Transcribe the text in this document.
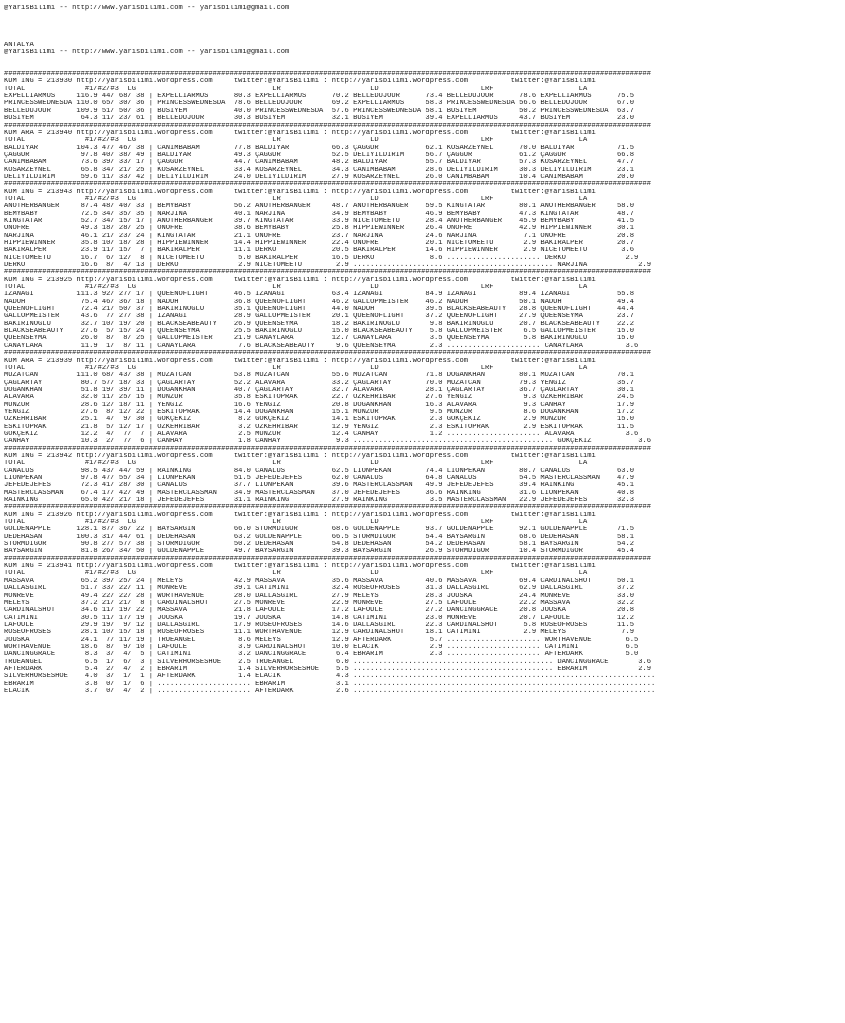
@YarisBilimi -- http://www.yarisbilimi.com -- yarisbilimi@gmail.com
ANTALYA
@YarisBilimi -- http://www.yarisbilimi.com -- yarisbilimi@gmail.com
########################################################################################################################################################
KUM ING = 213930 http://yarisbilimi.wordpress.com     twitter:@YarisBilimi : http://yarisbilimi.wordpress.com          twitter:@YarisBilimi
TOTAL              #1/#2/#3  LG                                LR                     LD                        LRF                    LA
EXPELLIARMUS     116.9 44/ 68/ 38 | EXPELLIARMUS      80.3 EXPELLIARMUS      70.2 BELLEDUJOUR      73.4 BELLEDUJOUR      78.6 EXPELLIARMUS      75.5
PRINCESSWEDNESDA 110.0 65/ 30/ 36 | PRINCESSWEDNESDA  78.6 BELLEDUJOUR       69.2 EXPELLIARMUS     58.3 PRINCESSWEDNESDA 56.6 BELLEDUJOUR       67.0
BELLEDUJOUR      109.9 51/ 50/ 36 | BÜSIYEM           40.0 PRINCESSWEDNESDA  57.6 PRINCESSWEDNESDA 58.1 BÜSIYEM          50.2 PRINCESSWEDNESDA  63.7
BÜSIYEM           64.3 11/ 23/ 61 | BELLEDUJOUR       30.3 BÜSIYEM           32.1 BÜSIYEM          39.4 EXPELLIARMUS     43.7 BÜSIYEM           23.0
########################################################################################################################################################
KUM ARA = 213940 http://yarisbilimi.wordpress.com     twitter:@YarisBilimi : http://yarisbilimi.wordpress.com          twitter:@YarisBilimi
TOTAL              #1/#2/#3  LG                                LR                     LD                        LRF                    LA
BALDIYAR         104.3 47/ 46/ 38 | CANIMBABAM        77.8 BALDIYAR          66.3 ÇAGGÜR           62.1 KOSARZEYNEL      70.0 BALDIYAR          71.5
ÇAGGÜR            97.8 40/ 38/ 49 | BALDIYAR          49.3 ÇAGGÜR            52.5 DELIYILDIRIM     56.7 ÇAGGÜR           61.2 ÇAGGÜR            66.8
CANIMBABAM        73.6 39/ 33/ 17 | ÇAGGÜR            44.7 CANIMBABAM        48.2 BALDIYAR         55.7 BALDIYAR         57.3 KOSARZEYNEL       47.7
KOSARZEYNEL       65.8 34/ 21/ 25 | KOSARZEYNEL       33.4 KOSARZEYNEL       34.3 CANIMBABAM       28.6 DELIYILDIRIM     30.3 DELIYILDIRIM      23.1
DELIYILDIRIM      59.6 11/ 33/ 42 | DELIYILDIRIM      24.0 DELIYILDIRIM      27.9 KOSARZEYNEL      26.0 CANIMBABAM       10.4 CANIMBABAM        20.0
########################################################################################################################################################
KUM ING = 213943 http://yarisbilimi.wordpress.com     twitter:@YarisBilimi : http://yarisbilimi.wordpress.com          twitter:@YarisBilimi
TOTAL              #1/#2/#3  LG                                LR                     LD                        LRF                    LA
ANOTHERBANGER     87.4 48/ 40/ 33 | BEMYBABY          56.2 ANOTHERBANGER     48.7 ANOTHERBANGER    59.5 KINGTATAR        80.1 ANOTHERBANGER     58.0
BEMYBABY          72.5 34/ 35/ 35 | NARJINA           40.1 NARJINA           34.9 BEMYBABY         46.9 BEMYBABY         47.3 KINGTATAR         48.7
KINGTATAR         52.7 34/ 15/ 17 | ANOTHERBANGER     39.7 KINGTATAR         33.9 NICETOMEETU      28.4 ANOTHERBANGER    45.9 BEMYBABY          41.5
ONOFRE            49.3 18/ 28/ 25 | ONOFRE            38.6 BEMYBABY          25.8 HIPPIEWINNER     26.4 ONOFRE           42.9 HIPPIEWINNER      30.1
NARJINA           46.1 21/ 23/ 24 | KINGTATAR         21.1 ONOFRE            23.7 NARJINA          24.6 NARJINA           7.1 ONOFRE            20.8
HIPPIEWINNER      35.8 10/ 18/ 28 | HIPPIEWINNER      14.4 HIPPIEWINNER      22.4 ONOFRE           20.1 NICETOMEETU       2.9 BAKIRALPER        20.7
BAKIRALPER        23.9 11/ 15/  7 | BAKIRALPER        11.1 DERKO             20.5 BAKIRALPER       14.6 HIPPIEWINNER      2.9 NICETOMEETU        3.6
NICETOMEETU       16.7  6/ 12/  8 | NICETOMEETU        5.0 BAKIRALPER        16.5 DERKO             8.6 ...................... DERKO              2.9
DERKO             16.6  8/  4/ 13 | DERKO              2.9 NICETOMEETU        2.9 ............................................... NARJINA            2.9
########################################################################################################################################################
KUM ING = 213925 http://yarisbilimi.wordpress.com     twitter:@YarisBilimi : http://yarisbilimi.wordpress.com          twitter:@YarisBilimi
TOTAL              #1/#2/#3  LG                                LR                     LD                        LRF                    LA
IZANAGI          111.3 92/ 27/ 17 | QUEENOFLIGHT      46.5 IZANAGI           63.4 IZANAGI          84.9 IZANAGI          89.4 IZANAGI           55.8
NADUH             75.4 46/ 36/ 18 | NADUH             36.8 QUEENOFLIGHT      46.2 GALLOPMEISTER    46.2 NADUH            50.1 NADUH             49.4
QUEENOFLIGHT      72.4 21/ 50/ 37 | BAKIRINOGLU       35.1 QUEENOFLIGHT      44.0 NADUH            39.5 BLACKSEABEAUTY   28.8 QUEENOFLIGHT      44.4
GALLOPMEISTER     43.6  7/ 27/ 38 | IZANAGI           28.9 GALLOPMEISTER     20.1 QUEENOFLIGHT     37.2 QUEENOFLIGHT     27.9 QUEENSEYMA        23.7
BAKIRINOGLU       32.7 10/ 19/ 20 | BLACKSEABEAUTY    26.9 QUEENSEYMA        18.2 BAKIRINOGLU       9.8 BAKIRINOGLU      20.7 BLACKSEABEAUTY    22.2
BLACKSEABEAUTY    27.6  5/ 15/ 24 | QUEENSEYMA        25.5 BAKIRINOGLU       15.0 BLACKSEABEAUTY    5.8 GALLOPMEISTER     6.5 GALLOPMEISTER     15.0
QUEENSEYMA        26.0  8/  8/ 25 | GALLOPMEISTER     21.9 CANAYLARA         12.7 CANAYLARA         3.5 QUEENSEYMA        5.8 BAKIRINOGLU       15.0
CANAYLARA         11.9  1/  8/ 11 | CANAYLARA          7.6 BLACKSEABEAUTY     9.6 QUEENSEYMA        2.3 ...................... CANAYLARA          3.6
########################################################################################################################################################
KUM ARA = 213939 http://yarisbilimi.wordpress.com     twitter:@YarisBilimi : http://yarisbilimi.wordpress.com          twitter:@YarisBilimi
TOTAL              #1/#2/#3  LG                                LR                     LD                        LRF                    LA
MUZATCAN         111.0 68/ 43/ 38 | MUZATCAN          53.8 MUZATCAN          55.6 MUZATCAN         71.8 DOGANKHAN        80.1 MUZATCAN          70.1
ÇAGLARTAY         80.7 57/ 18/ 33 | ÇAGLARTAY         52.2 ALAVARA           33.2 ÇAGLARTAY        70.0 MUZATCAN         79.3 YENGIZ            35.7
DOGANKHAN         51.8 19/ 39/ 11 | DOGANKHAN         40.7 ÇAGLARTAY         32.7 ALAVARA          28.1 ÇAGLARTAY        36.7 ÇAGLARTAY         30.1
ALAVARA           32.0 11/ 25/ 15 | MUNZUR            35.8 ESKITOPRAK        22.7 ÖZKEHRIBAR       27.6 YENGIZ            9.3 ÖZKEHRIBAR        24.5
MUNZUR            28.6 12/ 18/ 11 | YENGIZ            16.6 YENGIZ            20.8 DOGANKHAN        16.3 ALAVARA           9.3 CANHAY            17.9
YENGIZ            27.6  8/ 12/ 22 | ESKITOPRAK        14.4 DOGANKHAN         15.1 MUNZUR            9.5 MUNZUR            8.6 DOGANKHAN         17.2
ÖZKEHRIBAR        25.1  4/  9/ 30 | GÖKÇEKIZ           8.2 GÖKÇEKIZ          14.1 ESKITOPRAK        2.3 GÖKÇEKIZ          2.9 MUNZUR            15.0
ESKITOPRAK        21.8  5/ 12/ 17 | ÖZKEHRIBAR         3.2 ÖZKEHRIBAR        12.9 YENGIZ            2.3 ESKITOPRAK        2.9 ESKITOPRAK        11.5
GÖKÇEKIZ          12.2  4/  7/  7 | ALAVARA            2.5 MUNZUR            12.4 CANHAY            1.2 ...................... ALAVARA            3.6
CANHAY            10.3  2/  7/  6 | CANHAY             1.8 CANHAY             9.3 ............................................... GÖKÇEKIZ           3.6
########################################################################################################################################################
KUM ING = 213942 http://yarisbilimi.wordpress.com     twitter:@YarisBilimi : http://yarisbilimi.wordpress.com          twitter:@YarisBilimi
TOTAL              #1/#2/#3  LG                                LR                     LD                        LRF                    LA
CANALUS           98.5 43/ 44/ 59 | RAINKING          84.0 CANALUS           62.5 LIONPEKAN        74.4 LIONPEKAN        80.7 CANALUS           63.0
LIONPEKAN         97.8 47/ 55/ 34 | LIONPEKAN         51.5 JEFEDEJEFES       62.0 CANALUS          64.8 CANALUS          54.5 MASTERCLASSMAN    47.9
JEFEDEJEFES       72.3 41/ 28/ 30 | CANALUS           37.7 LIONPEKAN         39.6 MASTERCLASSMAN   49.9 JEFEDEJEFES      39.4 RAINKING          45.1
MASTERCLASSMAN    67.4 17/ 42/ 49 | MASTERCLASSMAN    34.9 MASTERCLASSMAN    37.0 JEFEDEJEFES      36.6 RAINKING         31.6 LIONPEKAN         40.8
RAINKING          65.0 42/ 21/ 18 | JEFEDEJEFES       31.1 RAINKING          27.9 RAINKING          3.5 MASTERCLASSMAN   22.9 JEFEDEJEFES       32.3
########################################################################################################################################################
KUM ING = 213926 http://yarisbilimi.wordpress.com     twitter:@YarisBilimi : http://yarisbilimi.wordpress.com          twitter:@YarisBilimi
TOTAL              #1/#2/#3  LG                                LR                     LD                        LRF                    LA
GOLDENAPPLE      128.1 87/ 36/ 22 | BAYSARGIN         66.0 STORMDIGOR        68.6 GOLDENAPPLE      93.7 GOLDENAPPLE      92.1 GOLDENAPPLE       71.5
DEDEHASAN        100.3 31/ 44/ 61 | DEDEHASAN         63.2 GOLDENAPPLE       66.5 STORMDIGOR       54.4 BAYSARGIN        68.6 DEDEHASAN         58.1
STORMDIGOR        90.8 27/ 57/ 38 | STORMDIGOR        50.2 DEDEHASAN         54.8 DEDEHASAN        54.2 DEDEHASAN        58.1 BAYSARGIN         54.2
BAYSARGIN         81.8 26/ 34/ 50 | GOLDENAPPLE       49.7 BAYSARGIN         39.3 BAYSARGIN        26.9 STORMDIGOR       10.4 STORMDIGOR        45.4
########################################################################################################################################################
KUM ING = 213941 http://yarisbilimi.wordpress.com     twitter:@YarisBilimi : http://yarisbilimi.wordpress.com          twitter:@YarisBilimi
TOTAL              #1/#2/#3  LG                                LR                     LD                        LRF                    LA
MASSAVA           65.2 39/ 25/ 24 | MELEYS            42.9 MASSAVA           35.6 MASSAVA          40.6 MASSAVA          69.4 CARDINALSHOT      50.1
DALLASGIRL        51.7 33/ 22/ 11 | MONREVE           39.1 CATIMINI          32.4 ROSEOFROSES      31.3 DALLASGIRL       62.9 DALLASGIRL        37.2
MONREVE           49.4 22/ 22/ 28 | WORTHAVENUE       28.0 DALLASGIRL        27.9 MELEYS           28.3 JOUSKA           24.4 MONREVE           33.0
MELEYS            37.2 21/ 21/  8 | CARDINALSHOT      27.5 MONREVE           22.9 MONREVE          27.5 LAFOULE          22.2 MASSAVA           32.2
CARDINALSHOT      34.6 11/ 19/ 22 | MASSAVA           21.8 LAFOULE           17.2 LAFOULE          27.2 DANCINGGRACE     20.8 JOUSKA            20.8
CATIMINI          30.5 11/ 17/ 19 | JOUSKA            19.7 JOUSKA            14.8 CATIMINI         23.0 MONREVE          20.7 LAFOULE           12.2
LAFOULE           29.9 19/  9/ 12 | DALLASGIRL        17.9 ROSEOFROSES       14.6 DALLASGIRL       22.3 CARDINALSHOT      5.8 ROSEOFROSES       11.5
ROSEOFROSES       28.1 10/ 15/ 18 | ROSEOFROSES       11.1 WORTHAVENUE       12.9 CARDINALSHOT     18.1 CATIMINI          2.9 MELEYS             7.9
JOUSKA            24.1  7/ 11/ 19 | TRUEANGEL          8.6 MELEYS            12.9 AFTERDARK         5.7 ...................... WORTHAVENUE        6.5
WORTHAVENUE       18.6  8/  9/ 10 | LAFOULE            3.9 CARDINALSHOT      10.0 ELACIK            2.9 ...................... CATIMINI           6.5
DANCINGGRACE       8.3  3/  4/  5 | CATIMINI           3.2 DANCINGGRACE       6.4 EBRARIM           2.3 ...................... AFTERDARK          5.0
TRUEANGEL          6.5  1/  6/  3 | SILVERHORSESHOE    2.5 TRUEANGEL          6.0 ............................................... DANCINGGRACE       3.6
AFTERDARK          5.4  2/  4/  2 | EBRARIM            1.4 SILVERHORSESHOE    5.5 ............................................... EBRARIM            2.9
SILVERHORSESHOE    4.0  3/  1/  1 | AFTERDARK          1.4 ELACIK             4.3 .......................................................................
EBRARIM            3.8  0/  1/  6 | ...................... EBRARIM            3.1 .......................................................................
ELACIK             3.7  0/  4/  2 | ...................... AFTERDARK          2.6 .......................................................................
